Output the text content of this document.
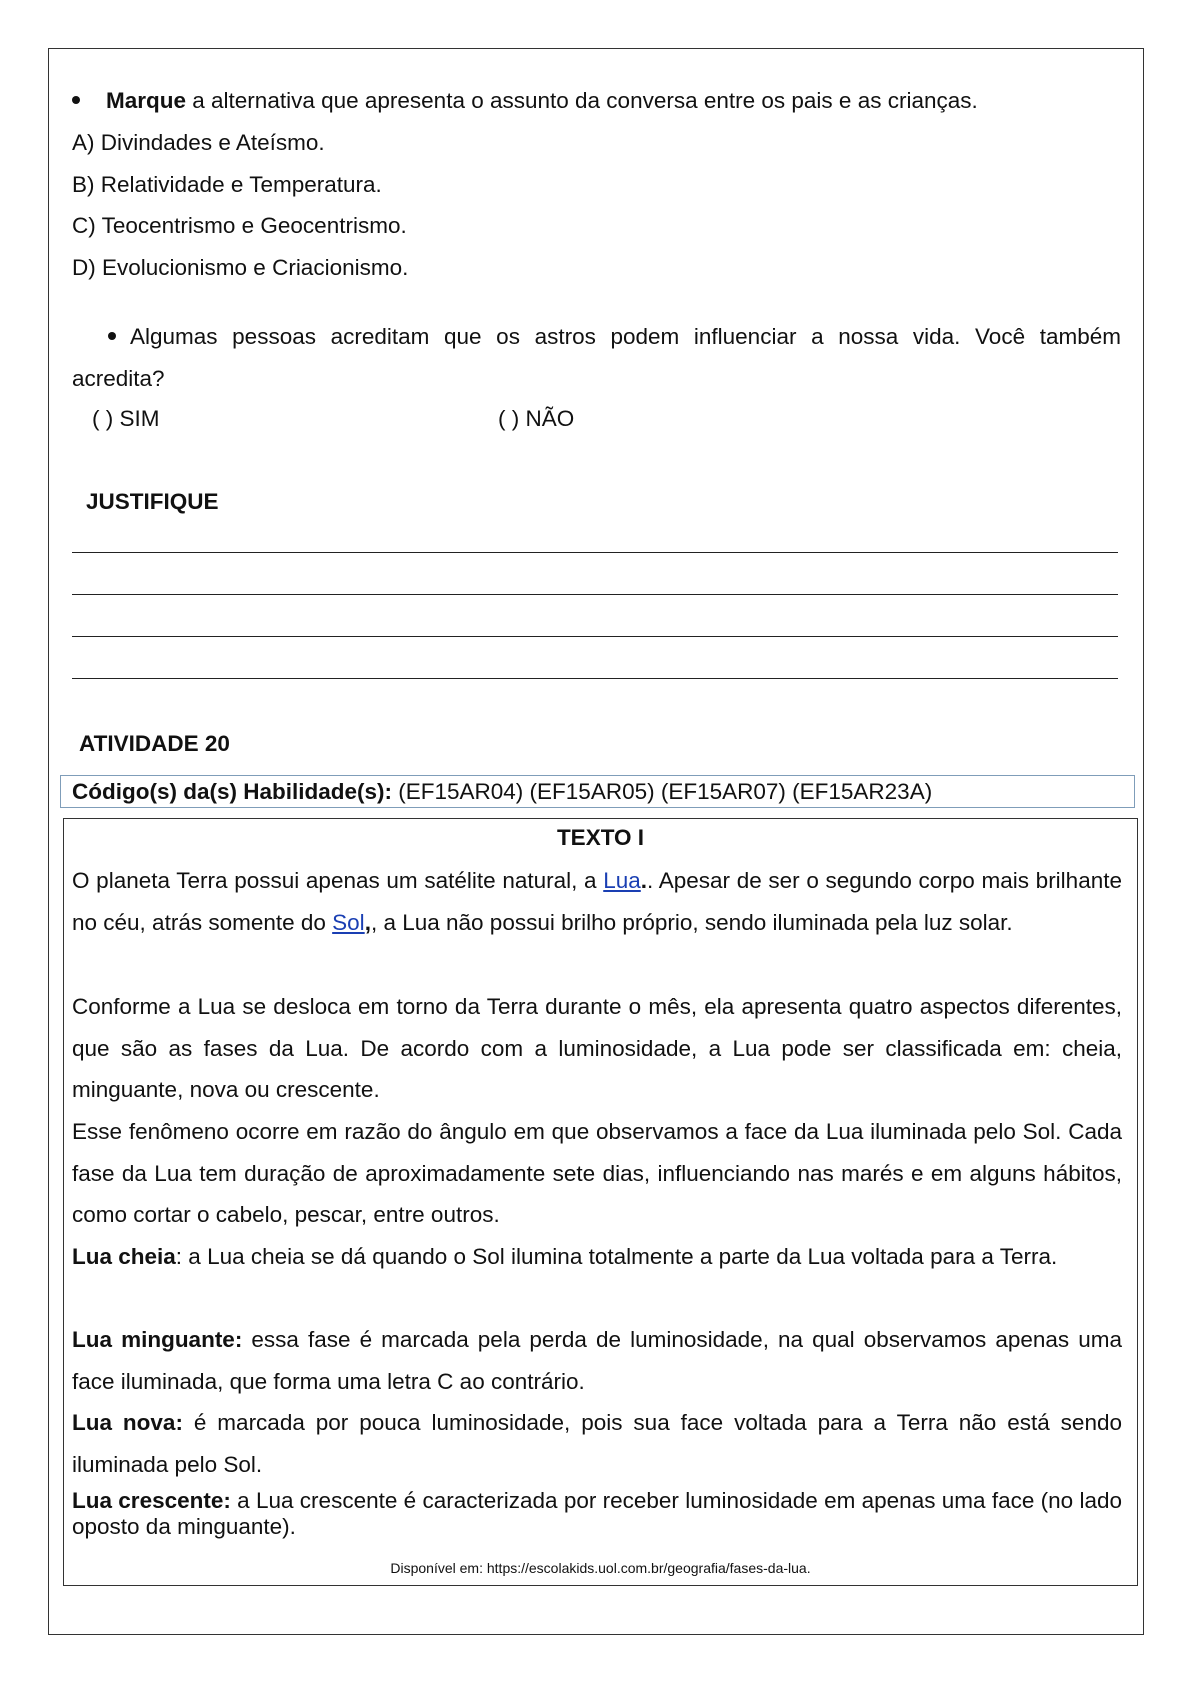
Marque a alternativa que apresenta o assunto da conversa entre os pais e as crianças.
A) Divindades e Ateísmo.
B) Relatividade e Temperatura.
C) Teocentrismo e Geocentrismo.
D) Evolucionismo e Criacionismo.
Algumas pessoas acreditam que os astros podem influenciar a nossa vida. Você também
acredita?
( ) SIM	( ) NÃO
JUSTIFIQUE
ATIVIDADE 20
Código(s) da(s) Habilidade(s): (EF15AR04) (EF15AR05) (EF15AR07) (EF15AR23A)
TEXTO I
O planeta Terra possui apenas um satélite natural, a Lua.. Apesar de ser o segundo corpo mais brilhante no céu, atrás somente do Sol,, a Lua não possui brilho próprio, sendo iluminada pela luz solar.
Conforme a Lua se desloca em torno da Terra durante o mês, ela apresenta quatro aspectos diferentes, que são as fases da Lua. De acordo com a luminosidade, a Lua pode ser classificada em: cheia, minguante, nova ou crescente.
Esse fenômeno ocorre em razão do ângulo em que observamos a face da Lua iluminada pelo Sol. Cada fase da Lua tem duração de aproximadamente sete dias, influenciando nas marés e em alguns hábitos, como cortar o cabelo, pescar, entre outros.
Lua cheia: a Lua cheia se dá quando o Sol ilumina totalmente a parte da Lua voltada para a Terra.
Lua minguante: essa fase é marcada pela perda de luminosidade, na qual observamos apenas uma face iluminada, que forma uma letra C ao contrário.
Lua nova: é marcada por pouca luminosidade, pois sua face voltada para a Terra não está sendo iluminada pelo Sol.
Lua crescente: a Lua crescente é caracterizada por receber luminosidade em apenas uma face (no lado oposto da minguante).
Disponível em: https://escolakids.uol.com.br/geografia/fases-da-lua.
